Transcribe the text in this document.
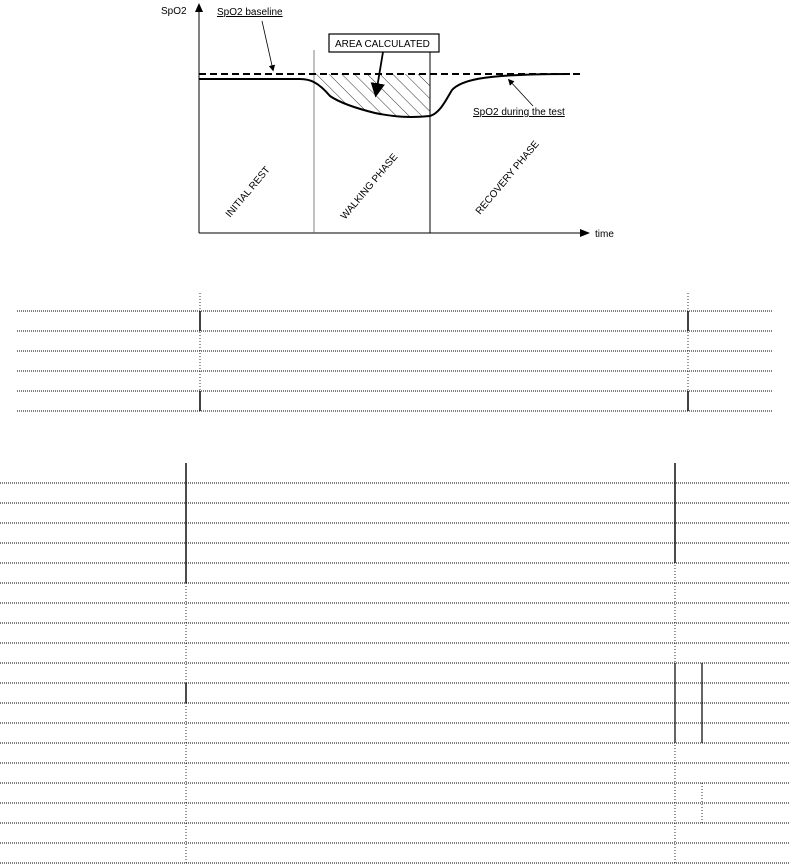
SpO2
time
SpO2 baseline
AREA CALCULATED
SpO2 during the test
INITIAL REST	WALKING PHASE	RECOVERY PHASE
